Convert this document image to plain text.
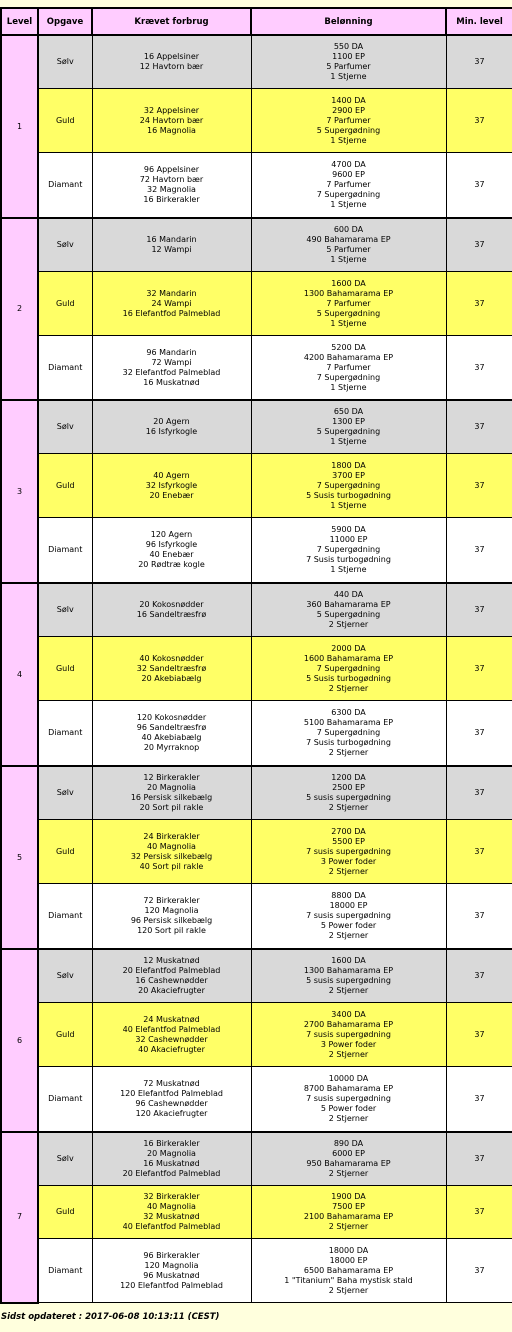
Level	Opgave	Krævet forbrug	Belønning	Min. level
1	Sølv	16 Appelsiner
12 Havtorn bær	550 DA
1100 EP
5 Parfumer
1 Stjerne	37
	Guld	32 Appelsiner
24 Havtorn bær
16 Magnolia	1400 DA
2900 EP
7 Parfumer
5 Supergødning
1 Stjerne	37
	Diamant	96 Appelsiner
72 Havtorn bær
32 Magnolia
16 Birkerakler	4700 DA
9600 EP
7 Parfumer
7 Supergødning
1 Stjerne	37
2	Sølv	16 Mandarin
12 Wampi	600 DA
490 Bahamarama EP
5 Parfumer
1 Stjerne	37
	Guld	32 Mandarin
24 Wampi
16 Elefantfod Palmeblad	1600 DA
1300 Bahamarama EP
7 Parfumer
5 Supergødning
1 Stjerne	37
	Diamant	96 Mandarin
72 Wampi
32 Elefantfod Palmeblad
16 Muskatnød	5200 DA
4200 Bahamarama EP
7 Parfumer
7 Supergødning
1 Stjerne	37
3	Sølv	20 Agern
16 Isfyrkogle	650 DA
1300 EP
5 Supergødning
1 Stjerne	37
	Guld	40 Agern
32 Isfyrkogle
20 Enebær	1800 DA
3700 EP
7 Supergødning
5 Susis turbogødning
1 Stjerne	37
	Diamant	120 Agern
96 Isfyrkogle
40 Enebær
20 Rødtræ kogle	5900 DA
11000 EP
7 Supergødning
7 Susis turbogødning
1 Stjerne	37
4	Sølv	20 Kokosnødder
16 Sandeltræsfrø	440 DA
360 Bahamarama EP
5 Supergødning
2 Stjerner	37
	Guld	40 Kokosnødder
32 Sandeltræsfrø
20 Akebiabælg	2000 DA
1600 Bahamarama EP
7 Supergødning
5 Susis turbogødning
2 Stjerner	37
	Diamant	120 Kokosnødder
96 Sandeltræsfrø
40 Akebiabælg
20 Myrraknop	6300 DA
5100 Bahamarama EP
7 Supergødning
7 Susis turbogødning
2 Stjerner	37
5	Sølv	12 Birkerakler
20 Magnolia
16 Persisk silkebælg
20 Sort pil rakle	1200 DA
2500 EP
5 susis supergødning
2 Stjerner	37
	Guld	24 Birkerakler
40 Magnolia
32 Persisk silkebælg
40 Sort pil rakle	2700 DA
5500 EP
7 susis supergødning
3 Power foder
2 Stjerner	37
	Diamant	72 Birkerakler
120 Magnolia
96 Persisk silkebælg
120 Sort pil rakle	8800 DA
18000 EP
7 susis supergødning
5 Power foder
2 Stjerner	37
6	Sølv	12 Muskatnød
20 Elefantfod Palmeblad
16 Cashewnødder
20 Akaciefrugter	1600 DA
1300 Bahamarama EP
5 susis supergødning
2 Stjerner	37
	Guld	24 Muskatnød
40 Elefantfod Palmeblad
32 Cashewnødder
40 Akaciefrugter	3400 DA
2700 Bahamarama EP
7 susis supergødning
3 Power foder
2 Stjerner	37
	Diamant	72 Muskatnød
120 Elefantfod Palmeblad
96 Cashewnødder
120 Akaciefrugter	10000 DA
8700 Bahamarama EP
7 susis supergødning
5 Power foder
2 Stjerner	37
7	Sølv	16 Birkerakler
20 Magnolia
16 Muskatnød
20 Elefantfod Palmeblad	890 DA
6000 EP
950 Bahamarama EP
2 Stjerner	37
	Guld	32 Birkerakler
40 Magnolia
32 Muskatnød
40 Elefantfod Palmeblad	1900 DA
7500 EP
2100 Bahamarama EP
2 Stjerner	37
	Diamant	96 Birkerakler
120 Magnolia
96 Muskatnød
120 Elefantfod Palmeblad	18000 DA
18000 EP
6500 Bahamarama EP
1 "Titanium" Baha mystisk stald
2 Stjerner	37
Sidst opdateret : 2017-06-08 10:13:11 (CEST)
